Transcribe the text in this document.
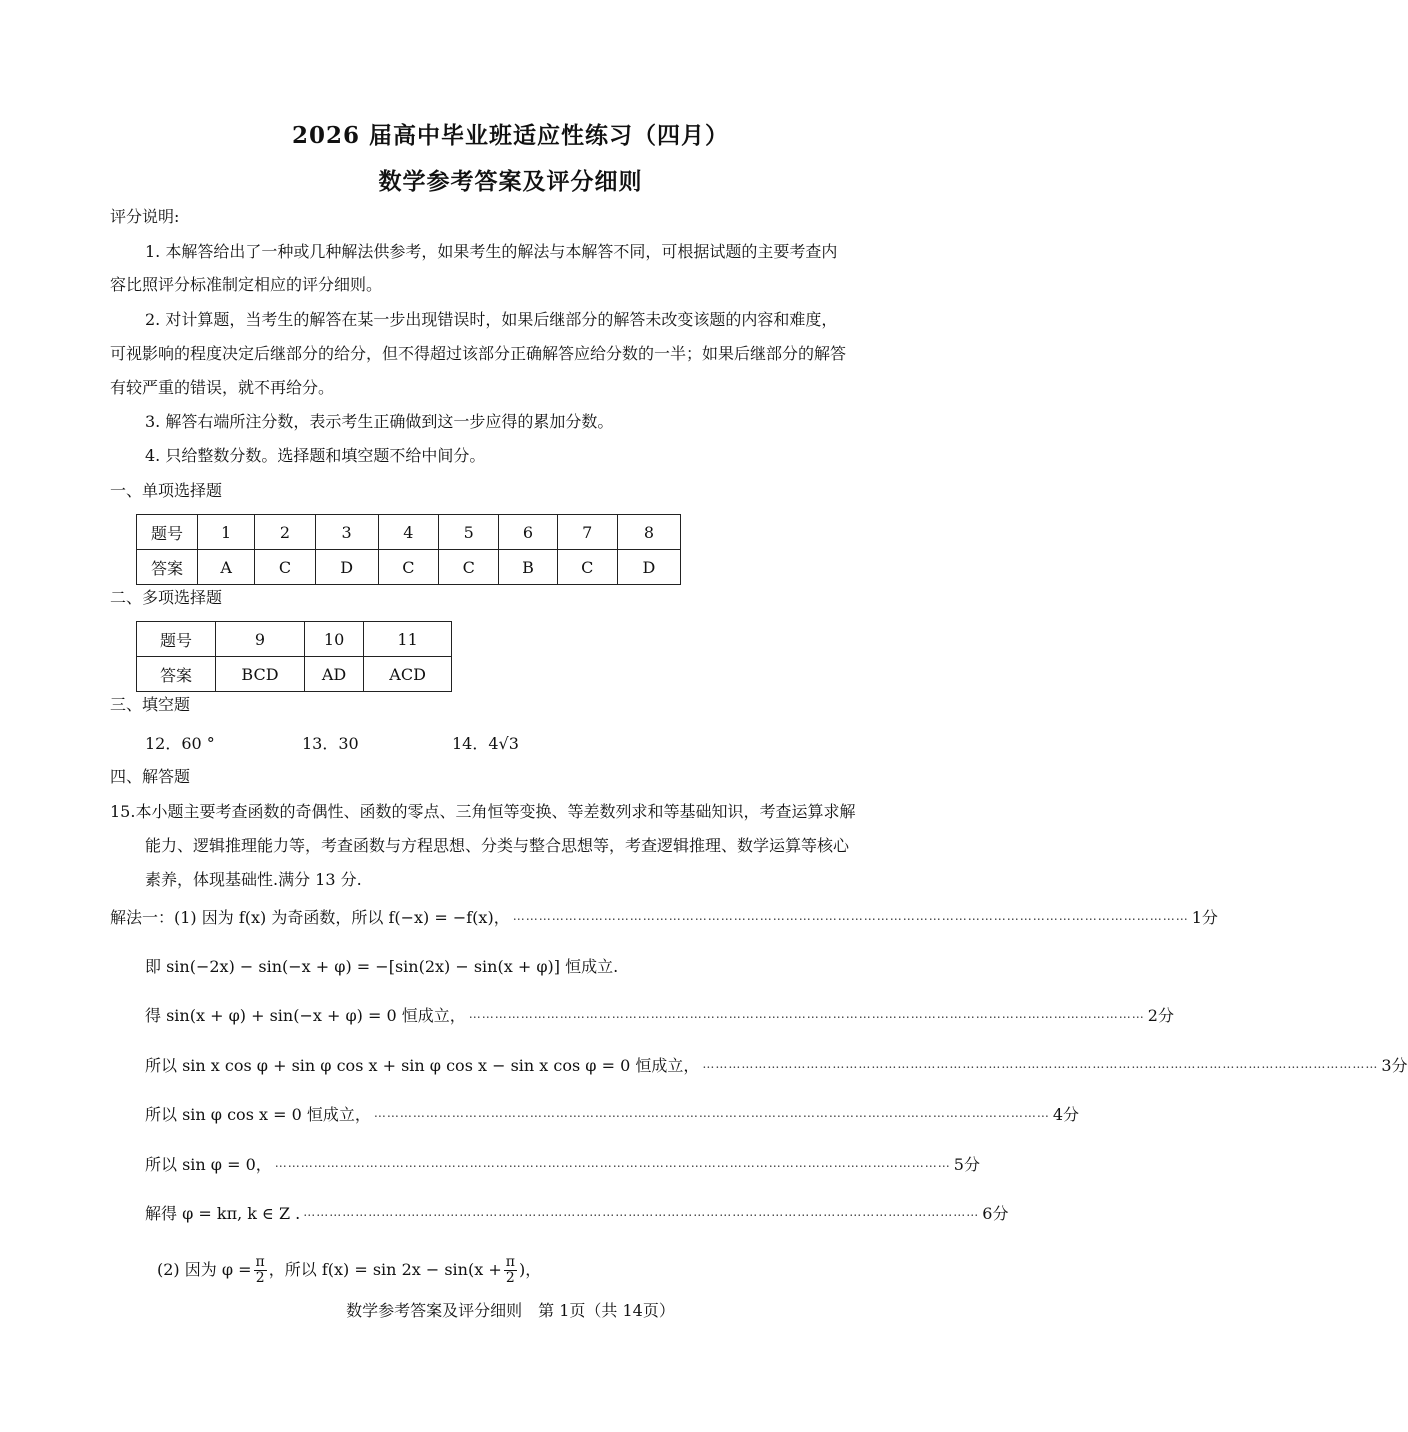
2026 届高中毕业班适应性练习（四月）
数学参考答案及评分细则
评分说明:
1. 本解答给出了一种或几种解法供参考，如果考生的解法与本解答不同，可根据试题的主要考查内
容比照评分标准制定相应的评分细则。
2. 对计算题，当考生的解答在某一步出现错误时，如果后继部分的解答未改变该题的内容和难度，
可视影响的程度决定后继部分的给分，但不得超过该部分正确解答应给分数的一半；如果后继部分的解答
有较严重的错误，就不再给分。
3. 解答右端所注分数，表示考生正确做到这一步应得的累加分数。
4. 只给整数分数。选择题和填空题不给中间分。
一、单项选择题
题号	1	2	3	4	5	6	7	8
答案	A	C	D	C	C	B	C	D
二、多项选择题
题号	9	10	11
答案	BCD	AD	ACD
三、填空题
12．60 °	13．30	14．4√3
四、解答题
15.本小题主要考查函数的奇偶性、函数的零点、三角恒等变换、等差数列求和等基础知识，考查运算求解
能力、逻辑推理能力等，考查函数与方程思想、分类与整合思想等，考查逻辑推理、数学运算等核心
素养，体现基础性.满分 13 分.
解法一：(1) 因为 f(x) 为奇函数，所以 f(−x) = −f(x)， ………………………………………………………………………………………………………………………………………… 1分
即 sin(−2x) − sin(−x + φ) = −[sin(2x) − sin(x + φ)] 恒成立.
得 sin(x + φ) + sin(−x + φ) = 0 恒成立， ………………………………………………………………………………………………………………………………………… 2分
所以 sin x cos φ + sin φ cos x + sin φ cos x − sin x cos φ = 0 恒成立， ………………………………………………………………………………………………………………………………………… 3分
所以 sin φ cos x = 0 恒成立， ………………………………………………………………………………………………………………………………………… 4分
所以 sin φ = 0， ………………………………………………………………………………………………………………………………………… 5分
解得 φ = kπ, k ∈ Z . ………………………………………………………………………………………………………………………………………… 6分
(2) 因为 $\varphi = \frac{\pi}{2}$ ，所以 $f(x) = \sin 2x - \sin(x + \frac{\pi}{2}$ )，
数学参考答案及评分细则　第 1页（共 14页）
